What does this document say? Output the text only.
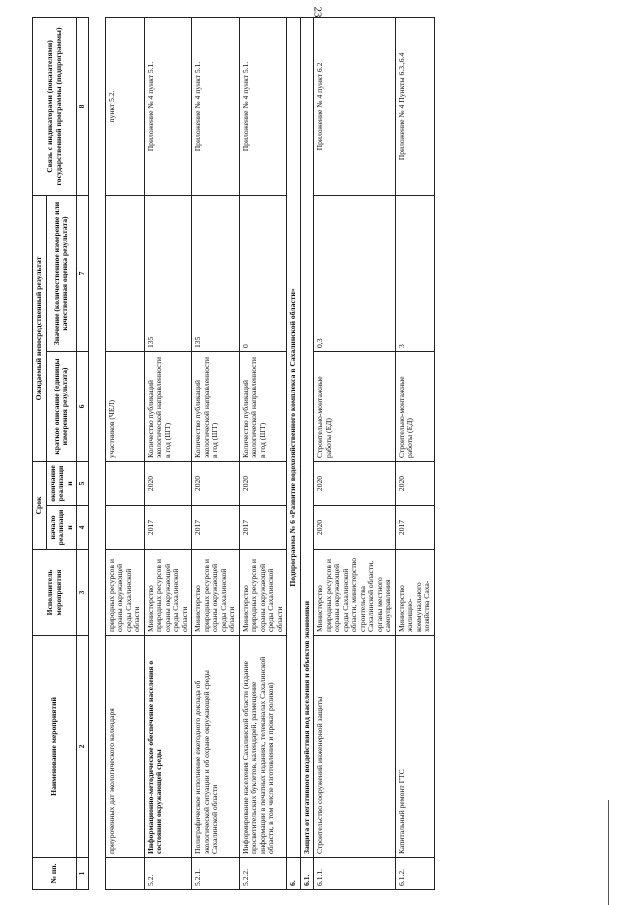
23
№ пп.	Наименование мероприятий	Исполнитель мероприятия	Срок		Ожидаемый непосредственный результат		Связь с индикаторами (показателями) государственной программы (подпрограммы)
			начало реализации	окончание реализации	краткое описание (единицы измерения результата)	Значение (количественное измерение или качественная оценка результата)	
1	2	3	4	5	6	7	8

	приуроченных дат экологического календаря	природных ресурсов и охраны окружающей среды Сахалинской области			участников (ЧЕЛ)		пункт 5.2.
5.2.	Информационно-методическое обеспечение населения о состоянии окружающей среды	Министерство природных ресурсов и охраны окружающей среды Сахалинской области	2017	2020	Количество публикаций экологической направленности в год (ШТ)	135	Приложение № 4 пункт 5.1.
5.2.1.	Полиграфическое исполнение ежегодного доклада об экологической ситуации и об охране окружающей среды Сахалинской области	Министерство природных ресурсов и охраны окружающей среды Сахалинской области	2017	2020	Количество публикаций экологической направленности в год (ШТ)	135	Приложение № 4 пункт 5.1.
5.2.2.	Информирование населения Сахалинской области (издание просветительских буклетов, календарей, размещение информации в печатных изданиях, телеканалах Сахалинской области, в том числе изготовления и прокат роликов)	Министерство природных ресурсов и охраны окружающей среды Сахалинской области	2017	2020	Количество публикаций экологической направленности в год (ШТ)	0	Приложение № 4 пункт 5.1.
6.	Подпрограмма № 6 «Развитие водохозяйственного комплекса в Сахалинской области»						
6.1.	Защита от негативного воздействия вод населения и объектов экономики						
6.1.1.	Строительство сооружений инженерной защиты	Министерство природных ресурсов и охраны окружающей среды Сахалинской области, министерство строительства Сахалинской области, органы местного самоуправления	2020	2020	Строительно-монтажные работы (ЕД)	0,3	Приложение № 4 пункт 6.2
6.1.2.	Капитальный ремонт ГТС	Министерство жилищно-коммунального хозяйства Саха-	2017	2020	Строительно-монтажные работы (ЕД)	3	Приложение № 4 Пункты 6.3.,6.4
